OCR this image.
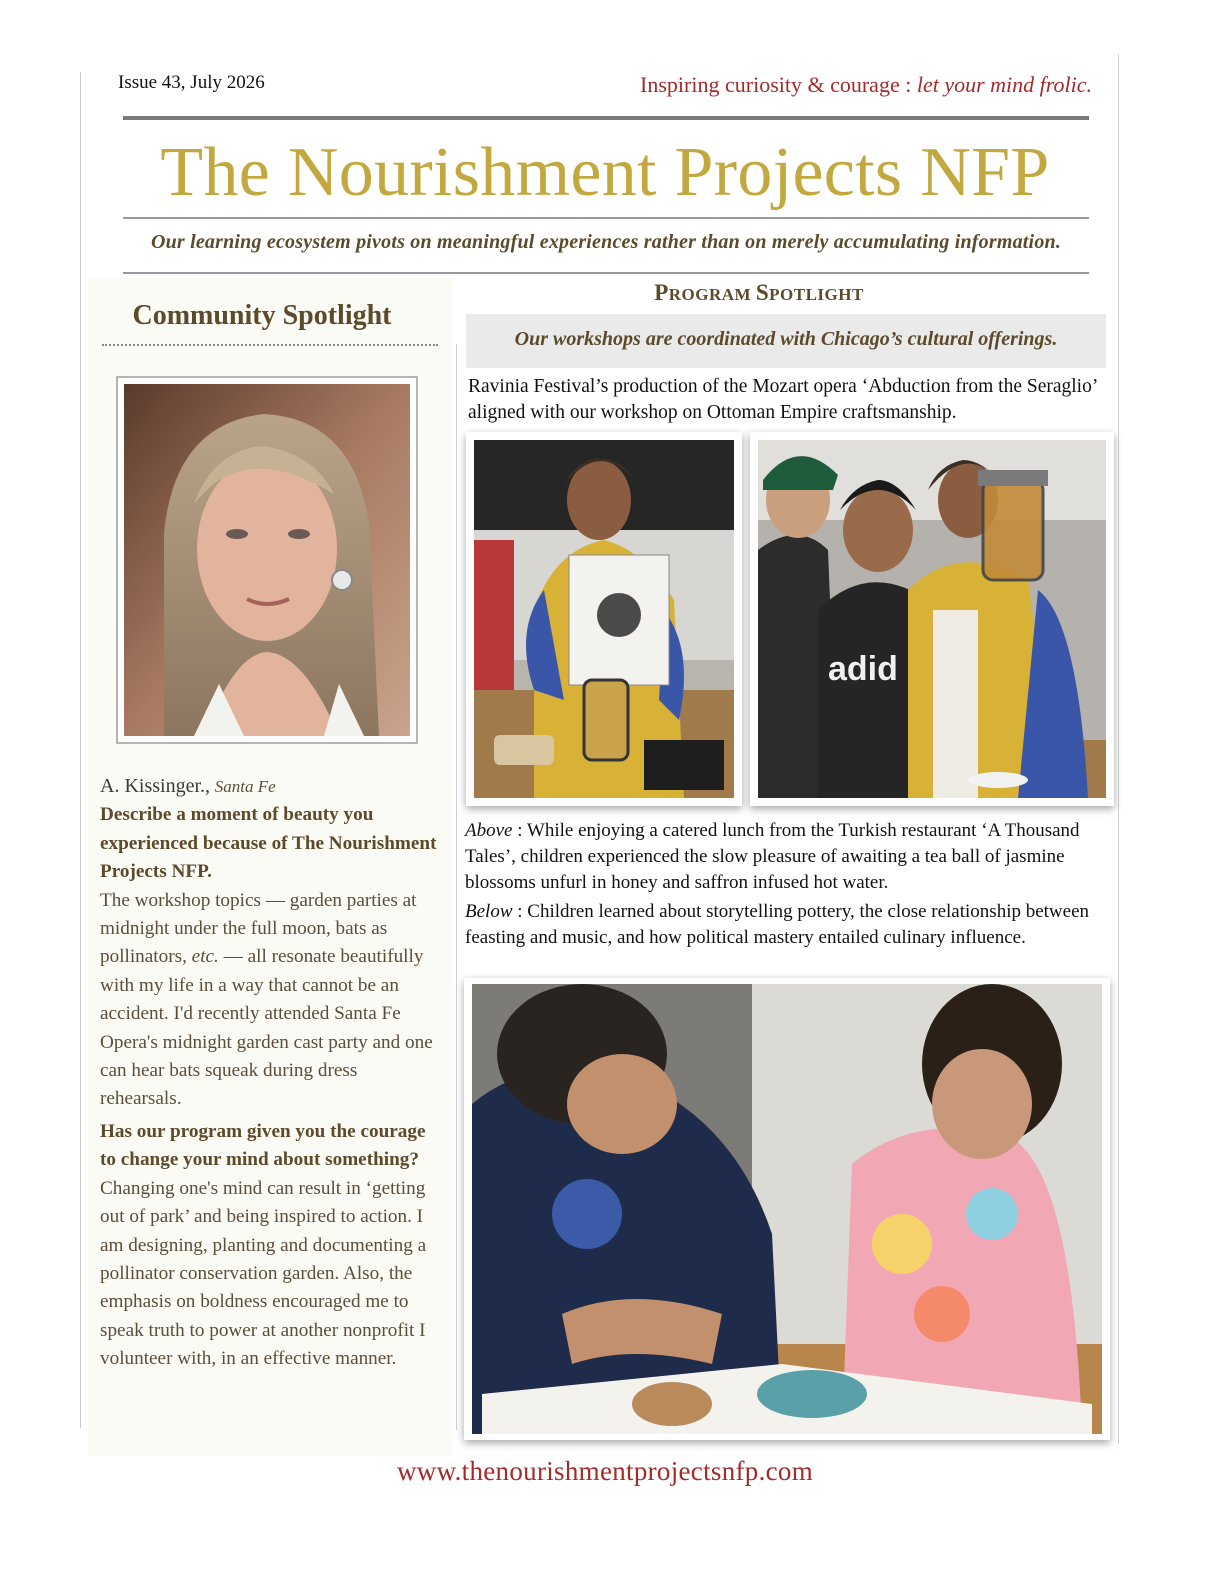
Issue 43, July 2026	Inspiring curiosity & courage : let your mind frolic.
The Nourishment Projects NFP
Our learning ecosystem pivots on meaningful experiences rather than on merely accumulating information.
Community Spotlight

A. Kissinger., Santa Fe

Describe a moment of beauty you experienced because of The Nourishment Projects NFP.

The workshop topics — garden parties at midnight under the full moon, bats as pollinators, etc. — all resonate beautifully with my life in a way that cannot be an accident. I'd recently attended Santa Fe Opera's midnight garden cast party and one can hear bats squeak during dress rehearsals.

Has our program given you the courage to change your mind about something?

Changing one's mind can result in ‘getting out of park’ and being inspired to action. I am designing, planting and documenting a pollinator conservation garden. Also, the emphasis on boldness encouraged me to speak truth to power at another nonprofit I volunteer with, in an effective manner.

PROGRAM SPOTLIGHT
Our workshops are coordinated with Chicago’s cultural offerings.
Ravinia Festival’s production of the Mozart opera ‘Abduction from the Seraglio’ aligned with our workshop on Ottoman Empire craftsmanship.
adid
Above : While enjoying a catered lunch from the Turkish restaurant ‘A Thousand Tales’, children experienced the slow pleasure of awaiting a tea ball of jasmine blossoms unfurl in honey and saffron infused hot water.
Below : Children learned about storytelling pottery, the close relationship between feasting and music, and how political mastery entailed culinary influence.
www.thenourishmentprojectsnfp.com
